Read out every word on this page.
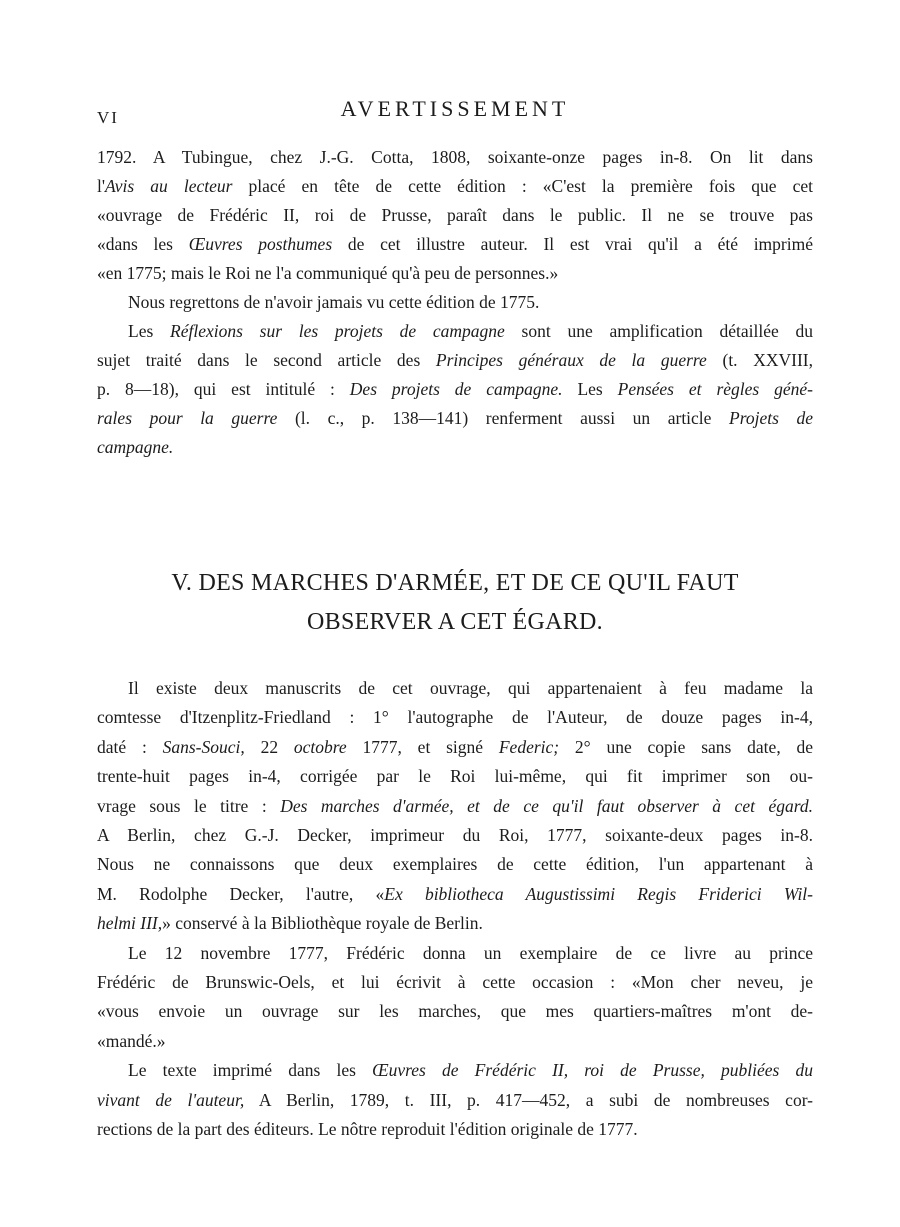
VI	AVERTISSEMENT

1792. A Tubingue, chez J.-G. Cotta, 1808, soixante-onze pages in-8. On lit dans
l'Avis au lecteur placé en tête de cette édition : «C'est la première fois que cet
«ouvrage de Frédéric II, roi de Prusse, paraît dans le public. Il ne se trouve pas
«dans les Œuvres posthumes de cet illustre auteur. Il est vrai qu'il a été imprimé
«en 1775; mais le Roi ne l'a communiqué qu'à peu de personnes.»

Nous regrettons de n'avoir jamais vu cette édition de 1775.

Les Réflexions sur les projets de campagne sont une amplification détaillée du
sujet traité dans le second article des Principes généraux de la guerre (t. XXVIII,
p. 8—18), qui est intitulé : Des projets de campagne. Les Pensées et règles géné-
rales pour la guerre (l. c., p. 138—141) renferment aussi un article Projets de
campagne.

V. DES MARCHES D'ARMÉE, ET DE CE QU'IL FAUT
OBSERVER A CET ÉGARD.

Il existe deux manuscrits de cet ouvrage, qui appartenaient à feu madame la
comtesse d'Itzenplitz-Friedland : 1° l'autographe de l'Auteur, de douze pages in-4,
daté : Sans-Souci, 22 octobre 1777, et signé Federic; 2° une copie sans date, de
trente-huit pages in-4, corrigée par le Roi lui-même, qui fit imprimer son ou-
vrage sous le titre : Des marches d'armée, et de ce qu'il faut observer à cet égard.
A Berlin, chez G.-J. Decker, imprimeur du Roi, 1777, soixante-deux pages in-8.
Nous ne connaissons que deux exemplaires de cette édition, l'un appartenant à
M. Rodolphe Decker, l'autre, «Ex bibliotheca Augustissimi Regis Friderici Wil-
helmi III,» conservé à la Bibliothèque royale de Berlin.

Le 12 novembre 1777, Frédéric donna un exemplaire de ce livre au prince
Frédéric de Brunswic-Oels, et lui écrivit à cette occasion : «Mon cher neveu, je
«vous envoie un ouvrage sur les marches, que mes quartiers-maîtres m'ont de-
«mandé.»

Le texte imprimé dans les Œuvres de Frédéric II, roi de Prusse, publiées du
vivant de l'auteur, A Berlin, 1789, t. III, p. 417—452, a subi de nombreuses cor-
rections de la part des éditeurs. Le nôtre reproduit l'édition originale de 1777.
